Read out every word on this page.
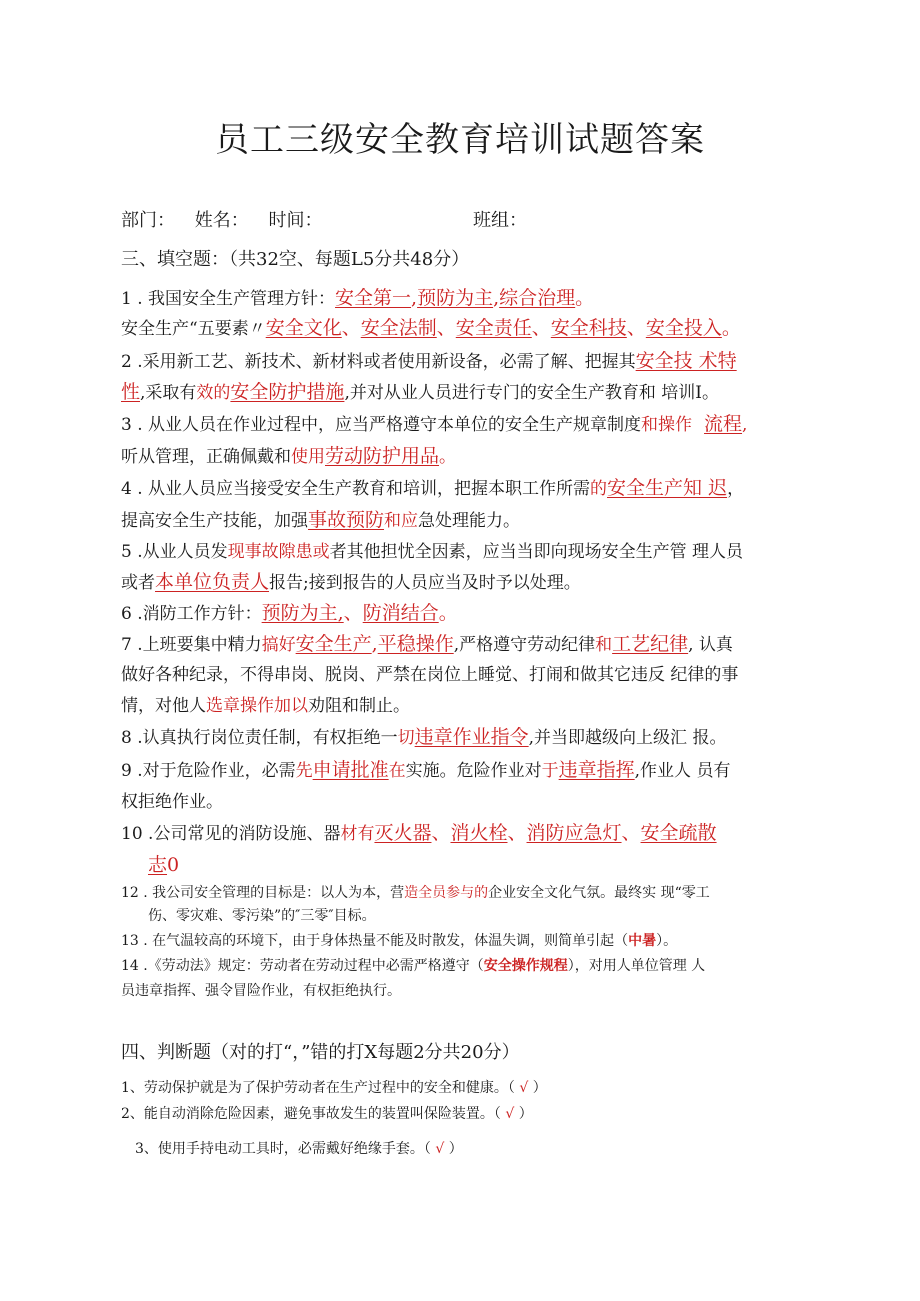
员工三级安全教育培训试题答案
部门： 姓名： 时间：	班组：
三、填空题：（共32空、每题L5分共48分）
1 . 我国安全生产管理方针：安全第一,预防为主,综合治理。
安全生产“五要素〃安全文化、安全法制、安全责任、安全科技、安全投入。
2 .采用新工艺、新技术、新材料或者使用新设备，必需了解、把握其安全技 术特
性,采取有效的安全防护措施,并对从业人员进行专门的安全生产教育和 培训I。
3 . 从业人员在作业过程中，应当严格遵守本单位的安全生产规章制度和操作 流程,
听从管理，正确佩戴和使用劳动防护用品。
4 . 从业人员应当接受安全生产教育和培训，把握本职工作所需的安全生产知 迟，
提高安全生产技能，加强事故预防和应急处理能力。
5 .从业人员发现事故隙患或者其他担忧全因素，应当当即向现场安全生产管 理人员
或者本单位负责人报告;接到报告的人员应当及时予以处理。
6 .消防工作方针：预防为主,、防消结合。
7 .上班要集中精力搞好安全生产,平稳操作,严格遵守劳动纪律和工艺纪律, 认真
做好各种纪录，不得串岗、脱岗、严禁在岗位上睡觉、打闹和做其它违反 纪律的事
情，对他人选章操作加以劝阻和制止。
8 .认真执行岗位责任制，有权拒绝一切违章作业指令,并当即越级向上级汇 报。
9 .对于危险作业，必需先申请批准在实施。危险作业对于违章指挥,作业人 员有
权拒绝作业。
10 .公司常见的消防设施、器材有灭火器、消火栓、消防应急灯、安全疏散
志0
12 . 我公司安全管理的目标是：以人为本，营造全员参与的企业安全文化气氛。最终实 现“零工
伤、零灾难、零污染”的″三零″目标。
13 . 在气温较高的环境下，由于身体热量不能及时散发，体温失调，则简单引起（中暑）。
14 .《劳动法》规定：劳动者在劳动过程中必需严格遵守（安全操作规程），对用人单位管理 人
员违章指挥、强令冒险作业，有权拒绝执行。
四、判断题（对的打“，”错的打X每题2分共20分）
1、劳动保护就是为了保护劳动者在生产过程中的安全和健康。（ √ ）
2、能自动消除危险因素，避免事故发生的装置叫保险装置。（ √ ）
3、使用手持电动工具时，必需戴好绝缘手套。（ √ ）
